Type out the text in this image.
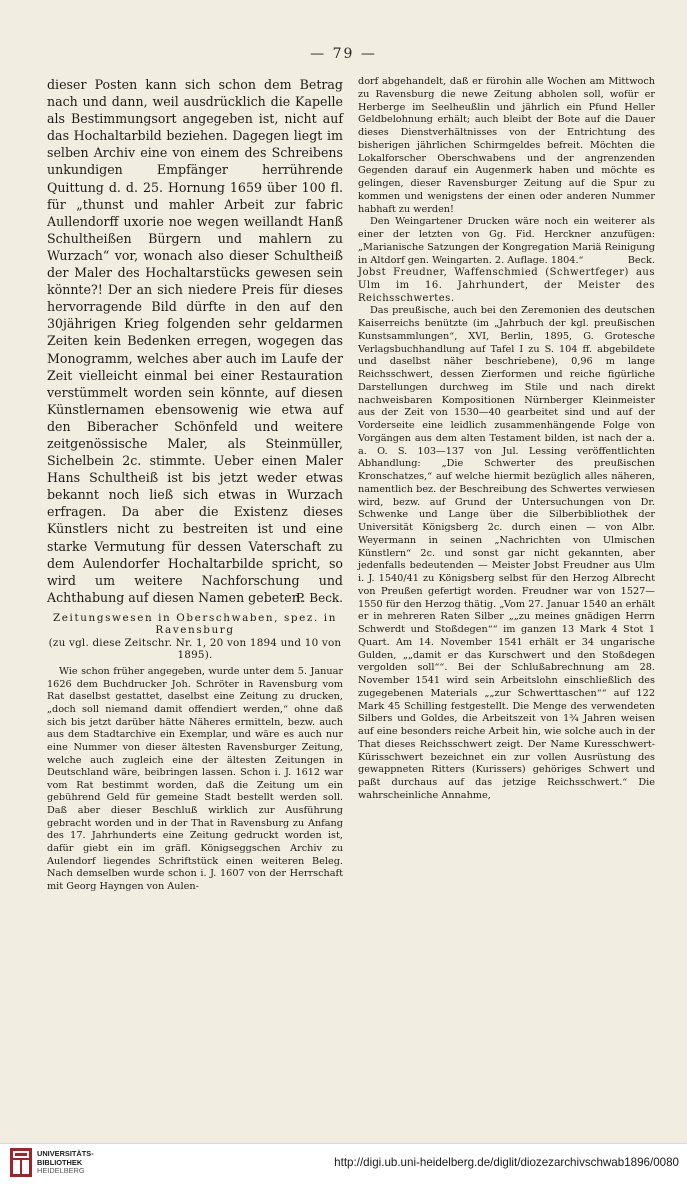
— 79 —

dieser Posten kann sich schon dem Betrag nach und dann, weil ausdrücklich die Kapelle als Bestimmungsort angegeben ist, nicht auf das Hochaltarbild beziehen. Dagegen liegt im selben Archiv eine von einem des Schreibens unkundigen Empfänger herrührende Quittung d. d. 25. Hornung 1659 über 100 fl. für „thunst und mahler Arbeit zur fabric Aullendorff uxorie noe wegen weillandt Hanß Schultheißen Bürgern und mahlern zu Wurzach“ vor, wonach also dieser Schultheiß der Maler des Hochaltarstücks gewesen sein könnte?! Der an sich niedere Preis für dieses hervorragende Bild dürfte in den auf den 30jährigen Krieg folgenden sehr geldarmen Zeiten kein Bedenken erregen, wogegen das Monogramm, welches aber auch im Laufe der Zeit vielleicht einmal bei einer Restauration verstümmelt worden sein könnte, auf diesen Künstlernamen ebensowenig wie etwa auf den Biberacher Schönfeld und weitere zeitgenössische Maler, als Steinmüller, Sichelbein 2c. stimmte. Ueber einen Maler Hans Schultheiß ist bis jetzt weder etwas bekannt noch ließ sich etwas in Wurzach erfragen. Da aber die Existenz dieses Künstlers nicht zu bestreiten ist und eine starke Vermutung für dessen Vaterschaft zu dem Aulendorfer Hochaltarbilde spricht, so wird um weitere Nachforschung und Achthabung auf diesen Namen gebeten.

P. Beck.
Zeitungswesen in Oberschwaben, spez. in Ravensburg
(zu vgl. diese Zeitschr. Nr. 1, 20 von 1894 und 10 von 1895).

Wie schon früher angegeben, wurde unter dem 5. Januar 1626 dem Buchdrucker Joh. Schröter in Ravensburg vom Rat daselbst gestattet, daselbst eine Zeitung zu drucken, „doch soll niemand damit offendiert werden,“ ohne daß sich bis jetzt darüber hätte Näheres ermitteln, bezw. auch aus dem Stadtarchive ein Exemplar, und wäre es auch nur eine Nummer von dieser ältesten Ravensburger Zeitung, welche auch zugleich eine der ältesten Zeitungen in Deutschland wäre, beibringen lassen. Schon i. J. 1612 war vom Rat bestimmt worden, daß die Zeitung um ein gebührend Geld für gemeine Stadt bestellt werden soll. Daß aber dieser Beschluß wirklich zur Ausführung gebracht worden und in der That in Ravensburg zu Anfang des 17. Jahrhunderts eine Zeitung gedruckt worden ist, dafür giebt ein im gräfl. Königseggschen Archiv zu Aulendorf liegendes Schriftstück einen weiteren Beleg. Nach demselben wurde schon i. J. 1607 von der Herrschaft mit Georg Hayngen von Aulen-

dorf abgehandelt, daß er fürohin alle Wochen am Mittwoch zu Ravensburg die newe Zeitung abholen soll, wofür er Herberge im Seelheußlin und jährlich ein Pfund Heller Geldbelohnung erhält; auch bleibt der Bote auf die Dauer dieses Dienstverhältnisses von der Entrichtung des bisherigen jährlichen Schirmgeldes befreit. Möchten die Lokalforscher Oberschwabens und der angrenzenden Gegenden darauf ein Augenmerk haben und möchte es gelingen, dieser Ravensburger Zeitung auf die Spur zu kommen und wenigstens der einen oder anderen Nummer habhaft zu werden!

Den Weingartener Drucken wäre noch ein weiterer als einer der letzten von Gg. Fid. Herckner anzufügen: „Marianische Satzungen der Kongregation Mariä Reinigung in Altdorf gen. Weingarten. 2. Auflage. 1804.“	Beck.

Jobst Freudner, Waffenschmied (Schwertfeger) aus Ulm im 16. Jahrhundert, der Meister des Reichsschwertes.

Das preußische, auch bei den Zeremonien des deutschen Kaiserreichs benützte (im „Jahrbuch der kgl. preußischen Kunstsammlungen“, XVI, Berlin, 1895, G. Grotesche Verlagsbuchhandlung auf Tafel I zu S. 104 ff. abgebildete und daselbst näher beschriebene), 0,96 m lange Reichsschwert, dessen Zierformen und reiche figürliche Darstellungen durchweg im Stile und nach direkt nachweisbaren Kompositionen Nürnberger Kleinmeister aus der Zeit von 1530—40 gearbeitet sind und auf der Vorderseite eine leidlich zusammenhängende Folge von Vorgängen aus dem alten Testament bilden, ist nach der a. a. O. S. 103—137 von Jul. Lessing veröffentlichten Abhandlung: „Die Schwerter des preußischen Kronschatzes,“ auf welche hiermit bezüglich alles näheren, namentlich bez. der Beschreibung des Schwertes verwiesen wird, bezw. auf Grund der Untersuchungen von Dr. Schwenke und Lange über die Silberbibliothek der Universität Königsberg 2c. durch einen — von Albr. Weyermann in seinen „Nachrichten von Ulmischen Künstlern“ 2c. und sonst gar nicht gekannten, aber jedenfalls bedeutenden — Meister Jobst Freudner aus Ulm i. J. 1540/41 zu Königsberg selbst für den Herzog Albrecht von Preußen gefertigt worden. Freudner war von 1527—1550 für den Herzog thätig. „Vom 27. Januar 1540 an erhält er in mehreren Raten Silber „„zu meines gnädigen Herrn Schwerdt und Stoßdegen““ im ganzen 13 Mark 4 Stot 1 Quart. Am 14. November 1541 erhält er 34 ungarische Gulden, „„damit er das Kurschwert und den Stoßdegen vergolden soll““. Bei der Schlußabrechnung am 28. November 1541 wird sein Arbeitslohn einschließlich des zugegebenen Materials „„zur Schwerttaschen““ auf 122 Mark 45 Schilling festgestellt. Die Menge des verwendeten Silbers und Goldes, die Arbeitszeit von 1¾ Jahren weisen auf eine besonders reiche Arbeit hin, wie solche auch in der That dieses Reichsschwert zeigt. Der Name Kuresschwert-Kürisschwert bezeichnet ein zur vollen Ausrüstung des gewappneten Ritters (Kurissers) gehöriges Schwert und paßt durchaus auf das jetzige Reichsschwert.“ Die wahrscheinliche Annahme,

UNIVERSITÄTS-
BIBLIOTHEK
HEIDELBERG
http://digi.ub.uni-heidelberg.de/diglit/diozezarchivschwab1896/0080
